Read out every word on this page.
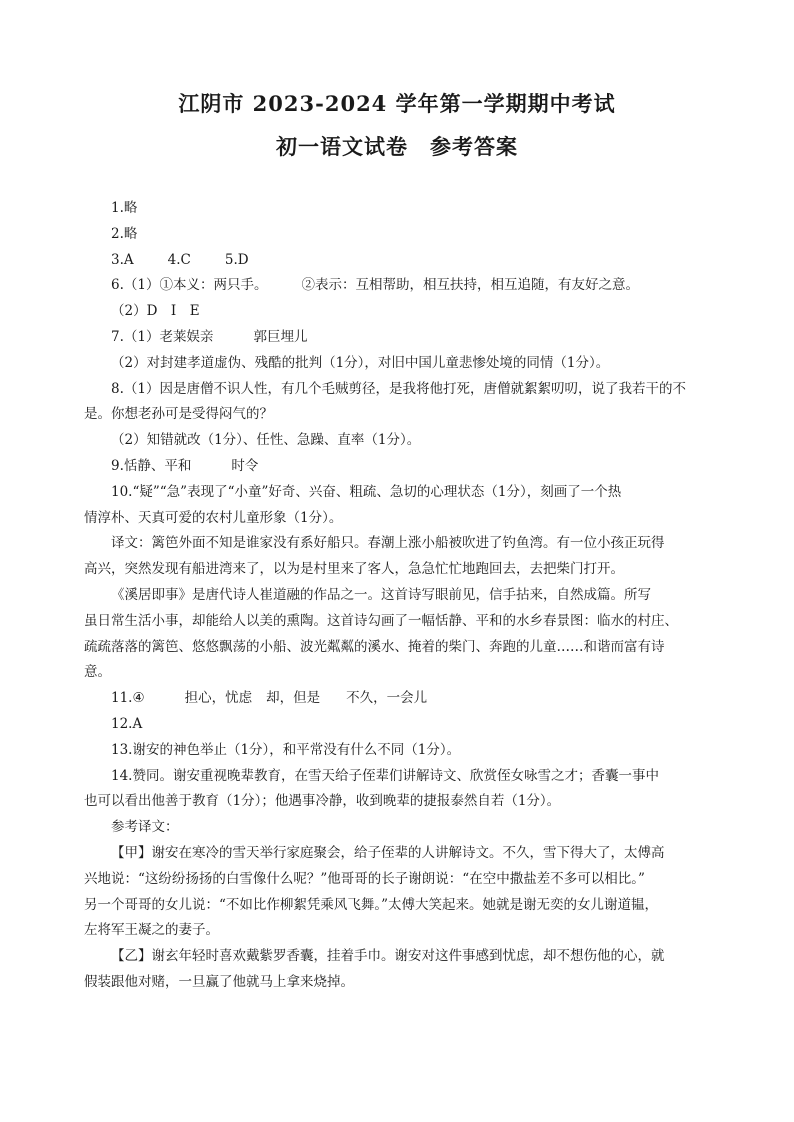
江阴市 2023-2024 学年第一学期期中考试
初一语文试卷　参考答案
1.略
2.略
3.A	4.C	5.D
6.（1）①本义：两只手。	②表示：互相帮助，相互扶持，相互追随，有友好之意。
（2）D　I　E
7.（1）老莱娱亲	郭巨埋儿
（2）对封建孝道虚伪、残酷的批判（1分），对旧中国儿童悲惨处境的同情（1分）。
8.（1）因是唐僧不识人性，有几个毛贼剪径，是我将他打死，唐僧就絮絮叨叨，说了我若干的不
是。你想老孙可是受得闷气的？
（2）知错就改（1分）、任性、急躁、直率（1分）。
9.恬静、平和	时令
10.“疑”“急”表现了“小童”好奇、兴奋、粗疏、急切的心理状态（1分），刻画了一个热
情淳朴、天真可爱的农村儿童形象（1分）。
译文：篱笆外面不知是谁家没有系好船只。春潮上涨小船被吹进了钓鱼湾。有一位小孩正玩得
高兴，突然发现有船进湾来了，以为是村里来了客人，急急忙忙地跑回去，去把柴门打开。
《溪居即事》是唐代诗人崔道融的作品之一。这首诗写眼前见，信手拈来，自然成篇。所写
虽日常生活小事，却能给人以美的熏陶。这首诗勾画了一幅恬静、平和的水乡春景图：临水的村庄、
疏疏落落的篱笆、悠悠飘荡的小船、波光粼粼的溪水、掩着的柴门、奔跑的儿童……和谐而富有诗
意。
11.④	担心，忧虑 却，但是 不久，一会儿
12.A
13.谢安的神色举止（1分），和平常没有什么不同（1分）。
14.赞同。谢安重视晚辈教育，在雪天给子侄辈们讲解诗文、欣赏侄女咏雪之才；香囊一事中
也可以看出他善于教育（1分）；他遇事冷静，收到晚辈的捷报泰然自若（1分）。
参考译文：
【甲】谢安在寒冷的雪天举行家庭聚会，给子侄辈的人讲解诗文。不久，雪下得大了，太傅高
兴地说：“这纷纷扬扬的白雪像什么呢？”他哥哥的长子谢朗说：“在空中撒盐差不多可以相比。”
另一个哥哥的女儿说：“不如比作柳絮凭乘风飞舞。”太傅大笑起来。她就是谢无奕的女儿谢道韫，
左将军王凝之的妻子。
【乙】谢玄年轻时喜欢戴紫罗香囊，挂着手巾。谢安对这件事感到忧虑，却不想伤他的心，就
假装跟他对赌，一旦赢了他就马上拿来烧掉。
